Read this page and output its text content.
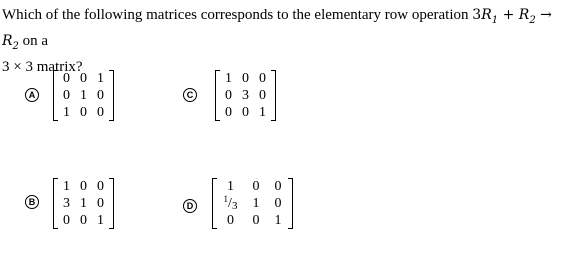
Which of the following matrices corresponds to the elementary row operation $3R_1 + R_2 \to R_2$ on a
3 × 3 matrix?
A
0 0 1
0 1 0
1 0 0
C
1 0 0
0 3 0
0 0 1
B
1 0 0
3 1 0
0 0 1
D
1	0	0
1 / 3	1	0
0	0	1
